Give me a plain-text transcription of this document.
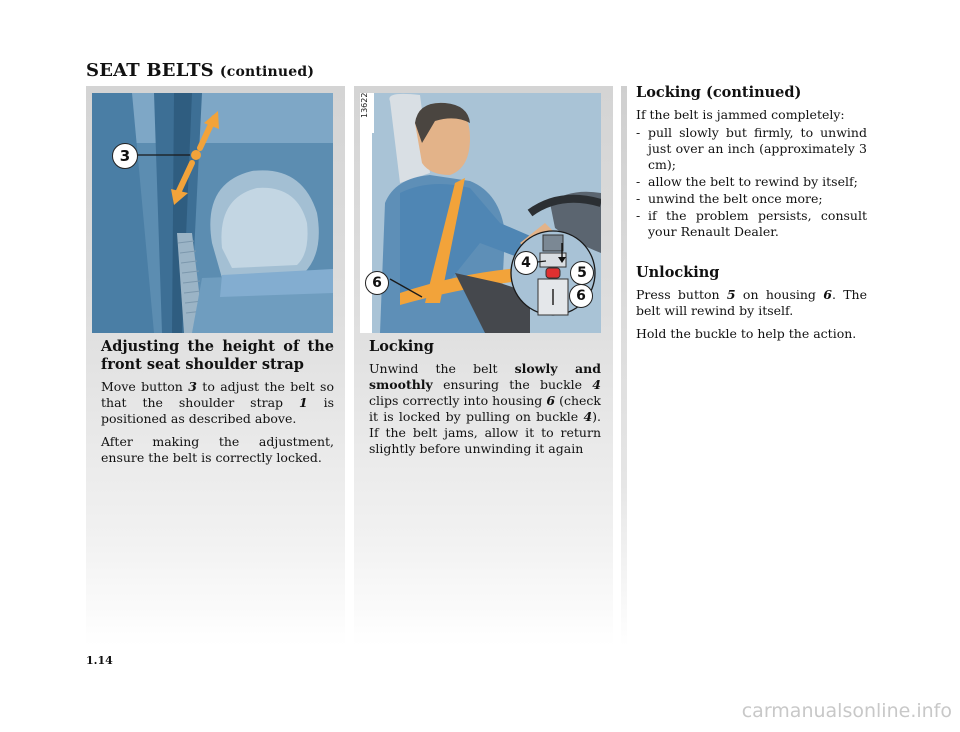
SEAT BELTS (continued)
3
13622
6
4
5
6
Adjusting the height of the front seat shoulder strap
Move button 3 to adjust the belt so that the shoulder strap 1 is positioned as described above.
After making the adjustment, ensure the belt is correctly locked.
Locking
Unwind the belt slowly and smoothly ensuring the buckle 4 clips correctly into housing 6 (check it is locked by pulling on buckle 4). If the belt jams, allow it to return slightly before unwinding it again
Locking (continued)
If the belt is jammed completely:
- pull slowly but firmly, to unwind just over an inch (approximately 3 cm);
- allow the belt to rewind by itself;
- unwind the belt once more;
- if the problem persists, consult your Renault Dealer.
Unlocking
Press button 5 on housing 6. The belt will rewind by itself.
Hold the buckle to help the action.
1.14
carmanualsonline.info
